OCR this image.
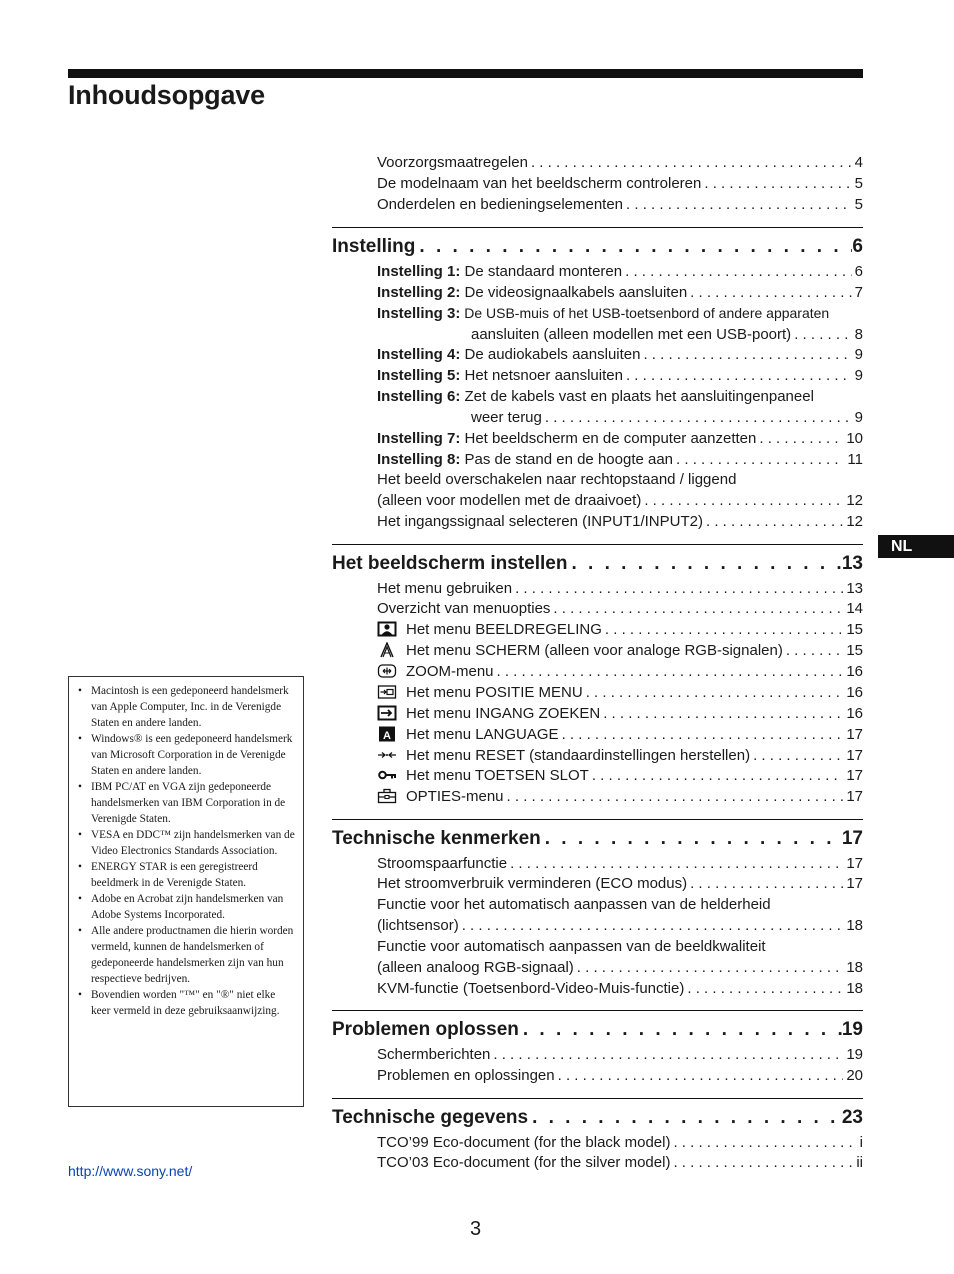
Inhoudsopgave
Voorzorgsmaatregelen . . .	4
De modelnaam van het beeldscherm controleren . . .	5
Onderdelen en bedieningselementen . . .	5
Instelling . . .	6
Instelling 1: De standaard monteren . . .	6
Instelling 2: De videosignaalkabels aansluiten . . .	7
Instelling 3: De USB-muis of het USB-toetsenbord of andere apparaten
aansluiten (alleen modellen met een USB-poort) . . .	8
Instelling 4: De audiokabels aansluiten . . .	9
Instelling 5: Het netsnoer aansluiten . . .	9
Instelling 6: Zet de kabels vast en plaats het aansluitingenpaneel
weer terug . . .	9
Instelling 7: Het beeldscherm en de computer aanzetten . . .	10
Instelling 8: Pas de stand en de hoogte aan . . .	11
Het beeld overschakelen naar rechtopstaand / liggend
(alleen voor modellen met de draaivoet) . . .	12
Het ingangssignaal selecteren (INPUT1/INPUT2) . . .	12
Het beeldscherm instellen . . .	13
Het menu gebruiken . . .	13
Overzicht van menuopties . . .	14
Het menu BEELDREGELING . . .	15
Het menu SCHERM (alleen voor analoge RGB-signalen) . . .	15
ZOOM-menu . . .	16
Het menu POSITIE MENU . . .	16
Het menu INGANG ZOEKEN . . .	16
A Het menu LANGUAGE . . .	17
Het menu RESET (standaardinstellingen herstellen) . . .	17
Het menu TOETSEN SLOT . . .	17
OPTIES-menu . . .	17
Technische kenmerken . . .	17
Stroomspaarfunctie . . .	17
Het stroomverbruik verminderen (ECO modus) . . .	17
Functie voor het automatisch aanpassen van de helderheid
(lichtsensor) . . .	18
Functie voor automatisch aanpassen van de beeldkwaliteit
(alleen analoog RGB-signaal) . . .	18
KVM-functie (Toetsenbord-Video-Muis-functie) . . .	18
Problemen oplossen . . .	19
Schermberichten . . .	19
Problemen en oplossingen . . .	20
Technische gegevens . . .	23
TCO’99 Eco-document (for the black model) . . .	i
TCO’03 Eco-document (for the silver model) . . .	ii
• Macintosh is een gedeponeerd handelsmerk van Apple Computer, Inc. in de Verenigde Staten en andere landen.
• Windows® is een gedeponeerd handelsmerk van Microsoft Corporation in de Verenigde Staten en andere landen.
• IBM PC/AT en VGA zijn gedeponeerde handelsmerken van IBM Corporation in de Verenigde Staten.
• VESA en DDC™ zijn handelsmerken van de Video Electronics Standards Association.
• ENERGY STAR is een geregistreerd beeldmerk in de Verenigde Staten.
• Adobe en Acrobat zijn handelsmerken van Adobe Systems Incorporated.
• Alle andere productnamen die hierin worden vermeld, kunnen de handelsmerken of gedeponeerde handelsmerken zijn van hun respectieve bedrijven.
• Bovendien worden "™" en "®" niet elke keer vermeld in deze gebruiksaanwijzing.
http://www.sony.net/
NL
3
